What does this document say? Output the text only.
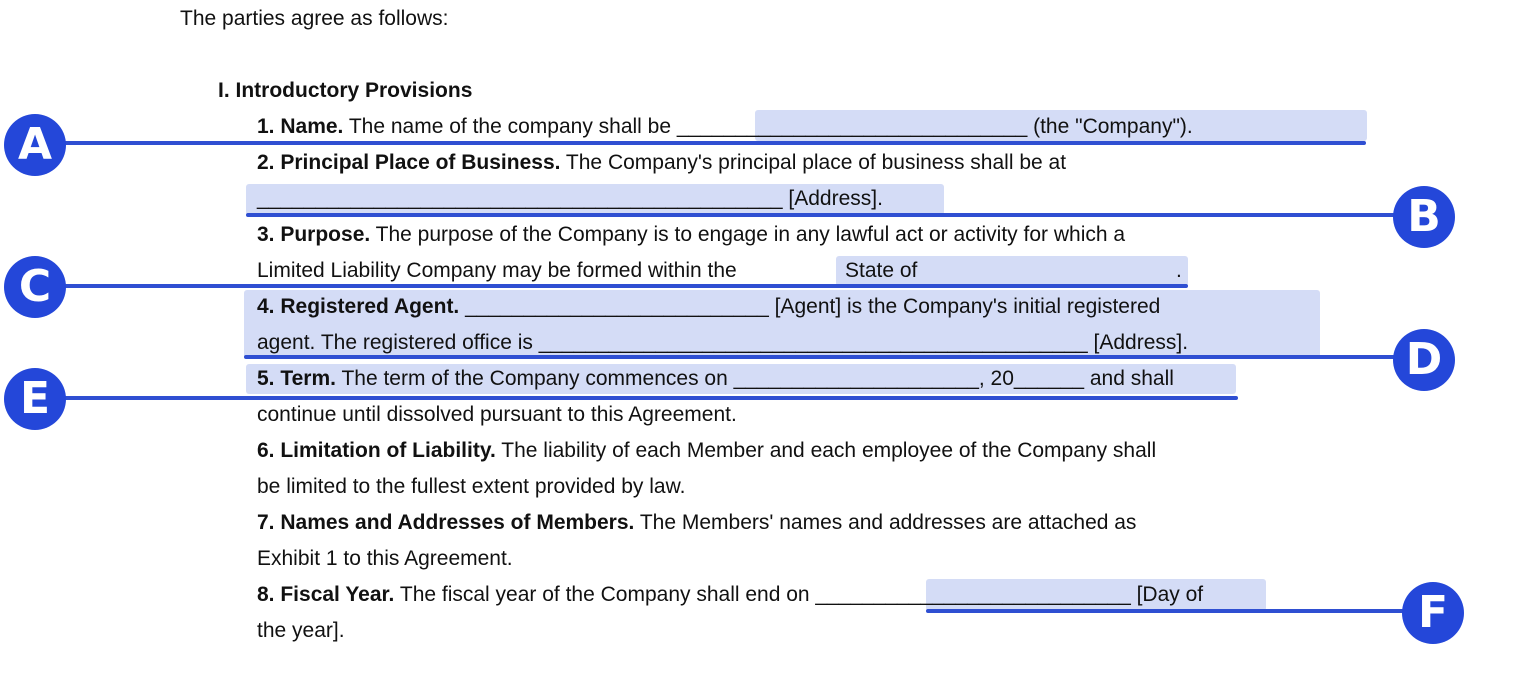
A
B
C
D
E
F
The parties agree as follows:
I. Introductory Provisions
1. Name. The name of the company shall be ______________________________ (the "Company").
2. Principal Place of Business. The Company's principal place of business shall be at
_____________________________________________ [Address].
3. Purpose. The purpose of the Company is to engage in any lawful act or activity for which a
Limited Liability Company may be formed within the	State of	.
4. Registered Agent. __________________________ [Agent] is the Company's initial registered
agent. The registered office is _______________________________________________ [Address].
5. Term. The term of the Company commences on _____________________, 20______ and shall
continue until dissolved pursuant to this Agreement.
6. Limitation of Liability. The liability of each Member and each employee of the Company shall
be limited to the fullest extent provided by law.
7. Names and Addresses of Members. The Members' names and addresses are attached as
Exhibit 1 to this Agreement.
8. Fiscal Year. The fiscal year of the Company shall end on ___________________________ [Day of
the year].
